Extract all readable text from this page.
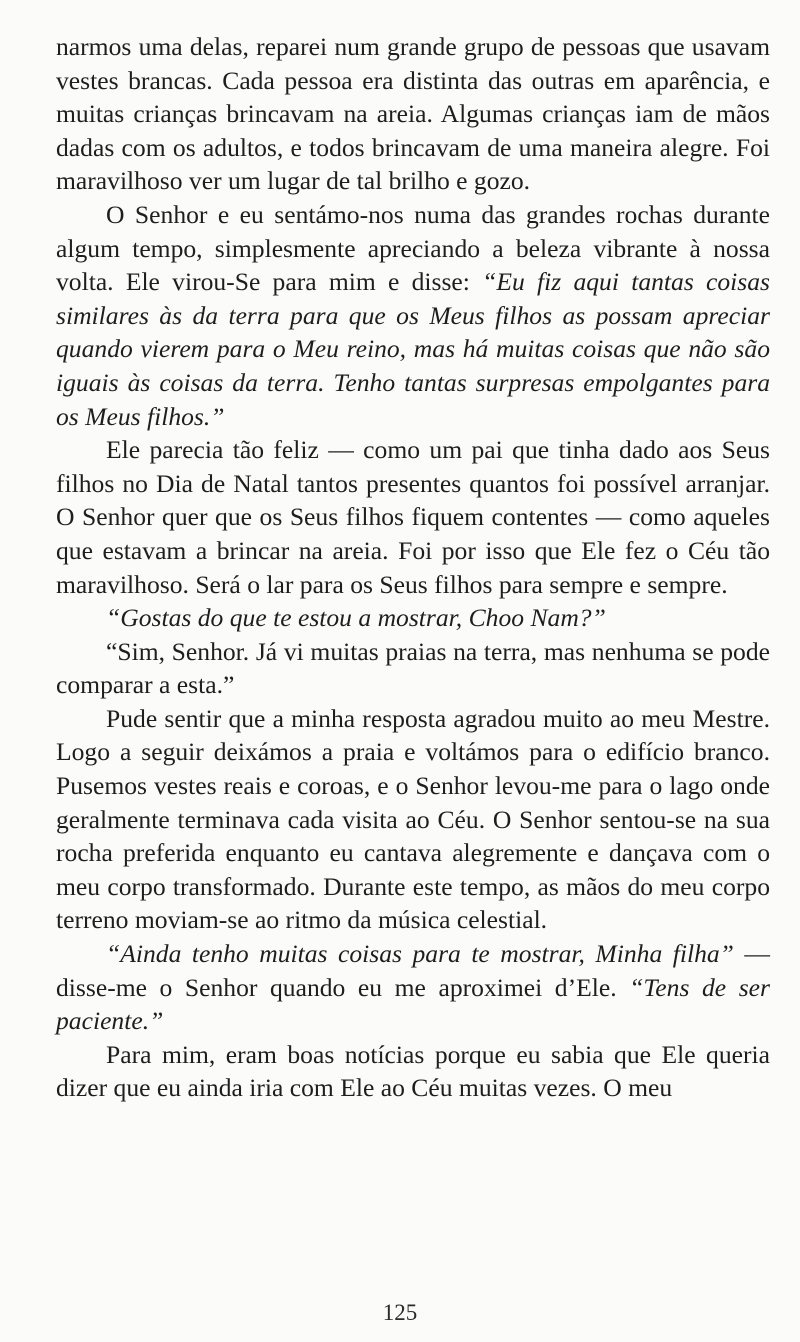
narmos uma delas, reparei num grande grupo de pessoas que usavam vestes brancas. Cada pessoa era distinta das outras em aparência, e muitas crianças brincavam na areia. Algumas crianças iam de mãos dadas com os adultos, e todos brincavam de uma maneira alegre. Foi maravilhoso ver um lugar de tal brilho e gozo.

O Senhor e eu sentámo-nos numa das grandes rochas durante algum tempo, simplesmente apreciando a beleza vibrante à nossa volta. Ele virou-Se para mim e disse: “Eu fiz aqui tantas coisas similares às da terra para que os Meus filhos as possam apreciar quando vierem para o Meu reino, mas há muitas coisas que não são iguais às coisas da terra. Tenho tantas surpresas empolgantes para os Meus filhos.”

Ele parecia tão feliz — como um pai que tinha dado aos Seus filhos no Dia de Natal tantos presentes quantos foi possível arranjar. O Senhor quer que os Seus filhos fiquem contentes — como aqueles que estavam a brincar na areia. Foi por isso que Ele fez o Céu tão maravilhoso. Será o lar para os Seus filhos para sempre e sempre.

“Gostas do que te estou a mostrar, Choo Nam?”

“Sim, Senhor. Já vi muitas praias na terra, mas nenhuma se pode comparar a esta.”

Pude sentir que a minha resposta agradou muito ao meu Mestre. Logo a seguir deixámos a praia e voltámos para o edifício branco. Pusemos vestes reais e coroas, e o Senhor levou-me para o lago onde geralmente terminava cada visita ao Céu. O Senhor sentou-se na sua rocha preferida enquanto eu cantava alegremente e dançava com o meu corpo transformado. Durante este tempo, as mãos do meu corpo terreno moviam-se ao ritmo da música celestial.

“Ainda tenho muitas coisas para te mostrar, Minha filha” — disse-me o Senhor quando eu me aproximei d’Ele. “Tens de ser paciente.”

Para mim, eram boas notícias porque eu sabia que Ele queria dizer que eu ainda iria com Ele ao Céu muitas vezes. O meu

125
